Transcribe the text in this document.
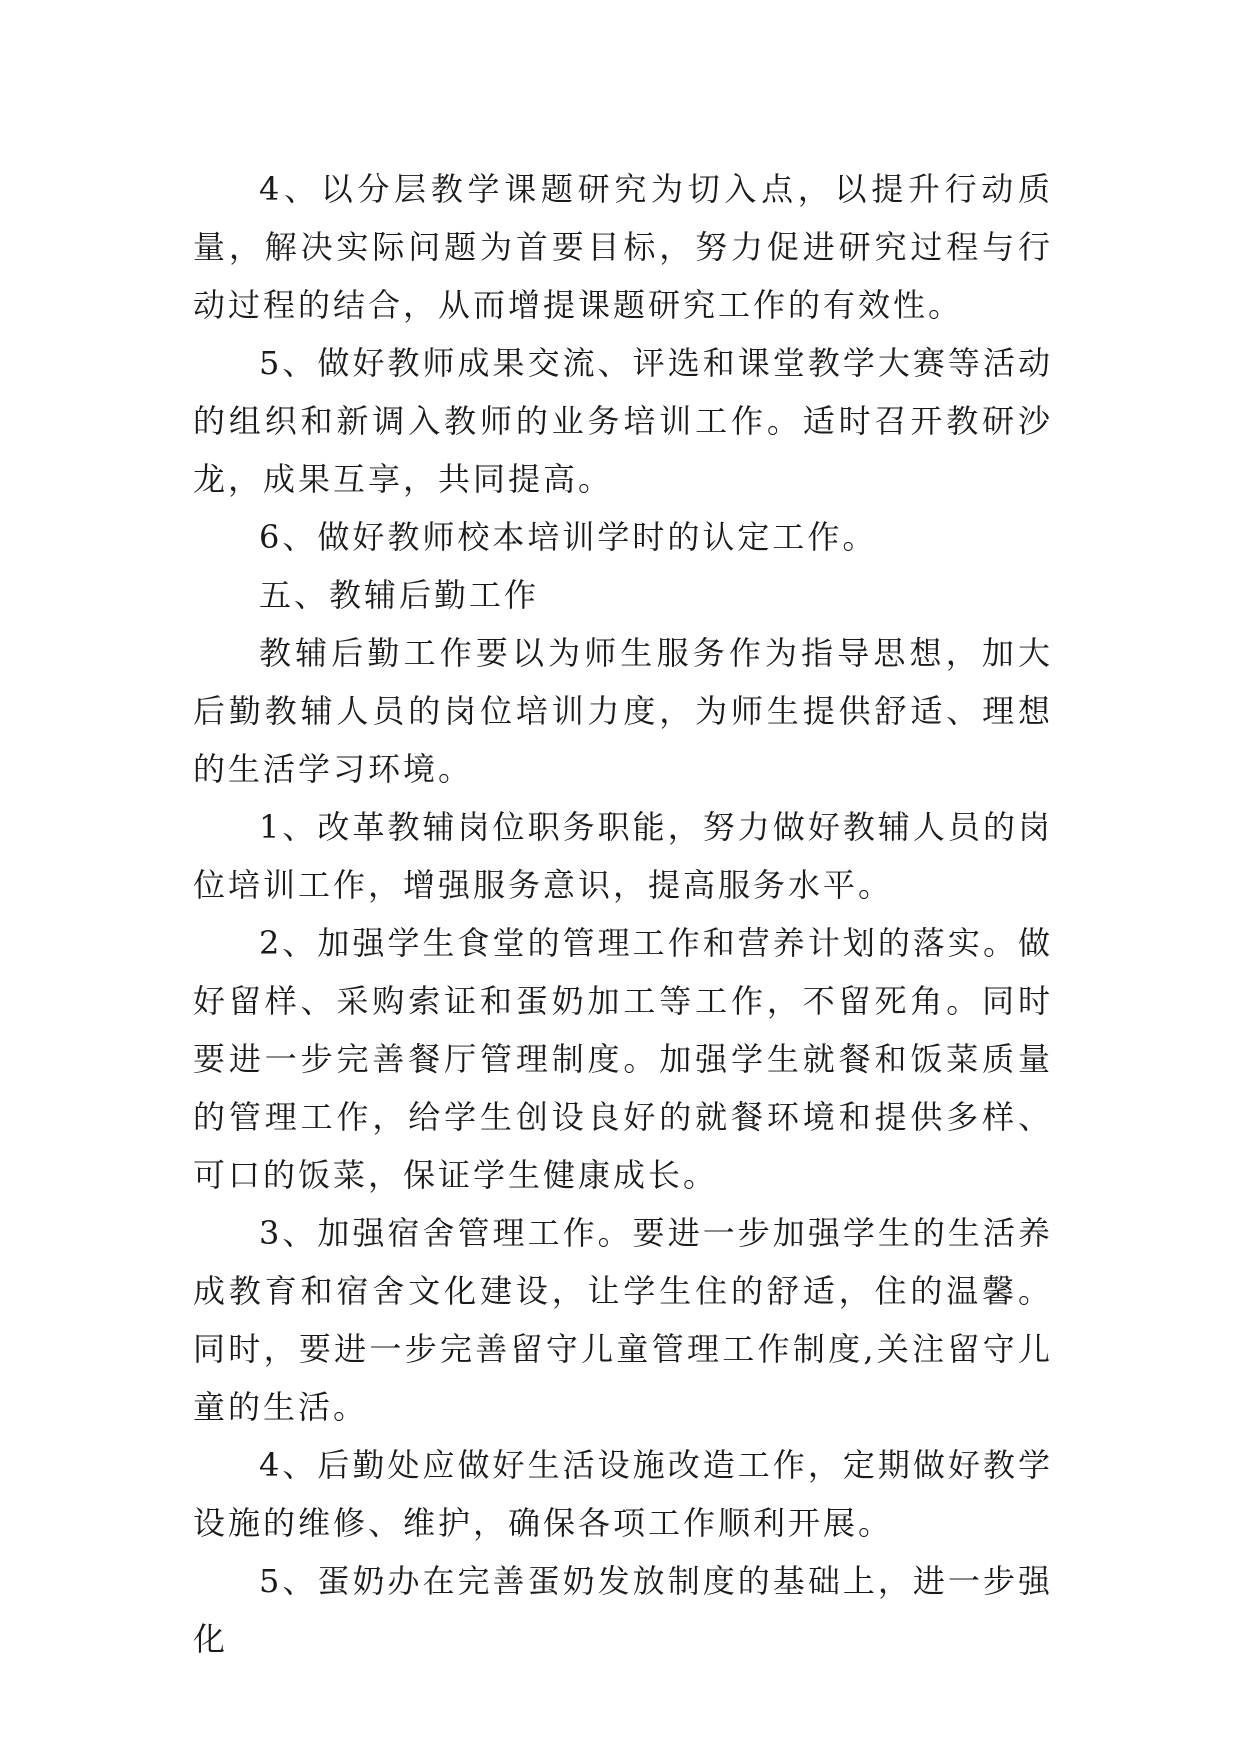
4、以分层教学课题研究为切入点，以提升行动质量，解决实际问题为首要目标，努力促进研究过程与行动过程的结合，从而增提课题研究工作的有效性。

5、做好教师成果交流、评选和课堂教学大赛等活动的组织和新调入教师的业务培训工作。适时召开教研沙龙，成果互享，共同提高。

6、做好教师校本培训学时的认定工作。

五、教辅后勤工作

教辅后勤工作要以为师生服务作为指导思想，加大后勤教辅人员的岗位培训力度，为师生提供舒适、理想的生活学习环境。

1、改革教辅岗位职务职能，努力做好教辅人员的岗位培训工作，增强服务意识，提高服务水平。

2、加强学生食堂的管理工作和营养计划的落实。做好留样、采购索证和蛋奶加工等工作，不留死角。同时要进一步完善餐厅管理制度。加强学生就餐和饭菜质量的管理工作，给学生创设良好的就餐环境和提供多样、可口的饭菜，保证学生健康成长。

3、加强宿舍管理工作。要进一步加强学生的生活养成教育和宿舍文化建设，让学生住的舒适，住的温馨。同时，要进一步完善留守儿童管理工作制度,关注留守儿童的生活。

4、后勤处应做好生活设施改造工作，定期做好教学设施的维修、维护，确保各项工作顺利开展。

5、蛋奶办在完善蛋奶发放制度的基础上，进一步强化
